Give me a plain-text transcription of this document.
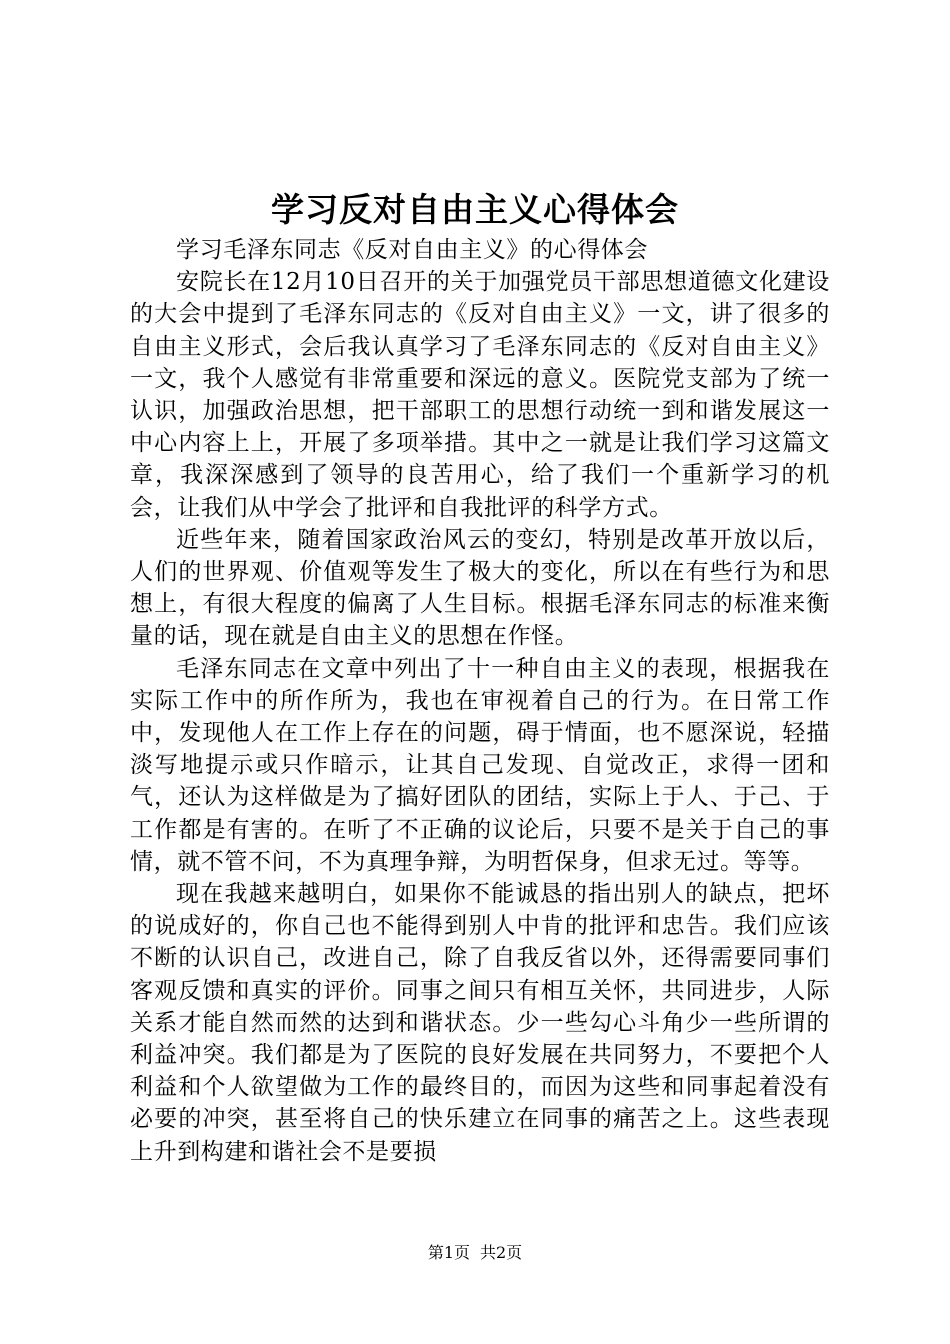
学习反对自由主义心得体会

学习毛泽东同志《反对自由主义》的心得体会

安院长在12月10日召开的关于加强党员干部思想道德文化建设的大会中提到了毛泽东同志的《反对自由主义》一文，讲了很多的自由主义形式，会后我认真学习了毛泽东同志的《反对自由主义》一文，我个人感觉有非常重要和深远的意义。医院党支部为了统一认识，加强政治思想，把干部职工的思想行动统一到和谐发展这一中心内容上上，开展了多项举措。其中之一就是让我们学习这篇文章，我深深感到了领导的良苦用心，给了我们一个重新学习的机会，让我们从中学会了批评和自我批评的科学方式。

近些年来，随着国家政治风云的变幻，特别是改革开放以后，人们的世界观、价值观等发生了极大的变化，所以在有些行为和思想上，有很大程度的偏离了人生目标。根据毛泽东同志的标准来衡量的话，现在就是自由主义的思想在作怪。

毛泽东同志在文章中列出了十一种自由主义的表现，根据我在实际工作中的所作所为，我也在审视着自己的行为。在日常工作中，发现他人在工作上存在的问题，碍于情面，也不愿深说，轻描淡写地提示或只作暗示，让其自己发现、自觉改正，求得一团和气，还认为这样做是为了搞好团队的团结，实际上于人、于己、于工作都是有害的。在听了不正确的议论后，只要不是关于自己的事情，就不管不问，不为真理争辩，为明哲保身，但求无过。等等。

现在我越来越明白，如果你不能诚恳的指出别人的缺点，把坏的说成好的，你自己也不能得到别人中肯的批评和忠告。我们应该不断的认识自己，改进自己，除了自我反省以外，还得需要同事们客观反馈和真实的评价。同事之间只有相互关怀，共同进步，人际关系才能自然而然的达到和谐状态。少一些勾心斗角少一些所谓的利益冲突。我们都是为了医院的良好发展在共同努力，不要把个人利益和个人欲望做为工作的最终目的，而因为这些和同事起着没有必要的冲突，甚至将自己的快乐建立在同事的痛苦之上。这些表现上升到构建和谐社会不是要损

第1页 共2页
